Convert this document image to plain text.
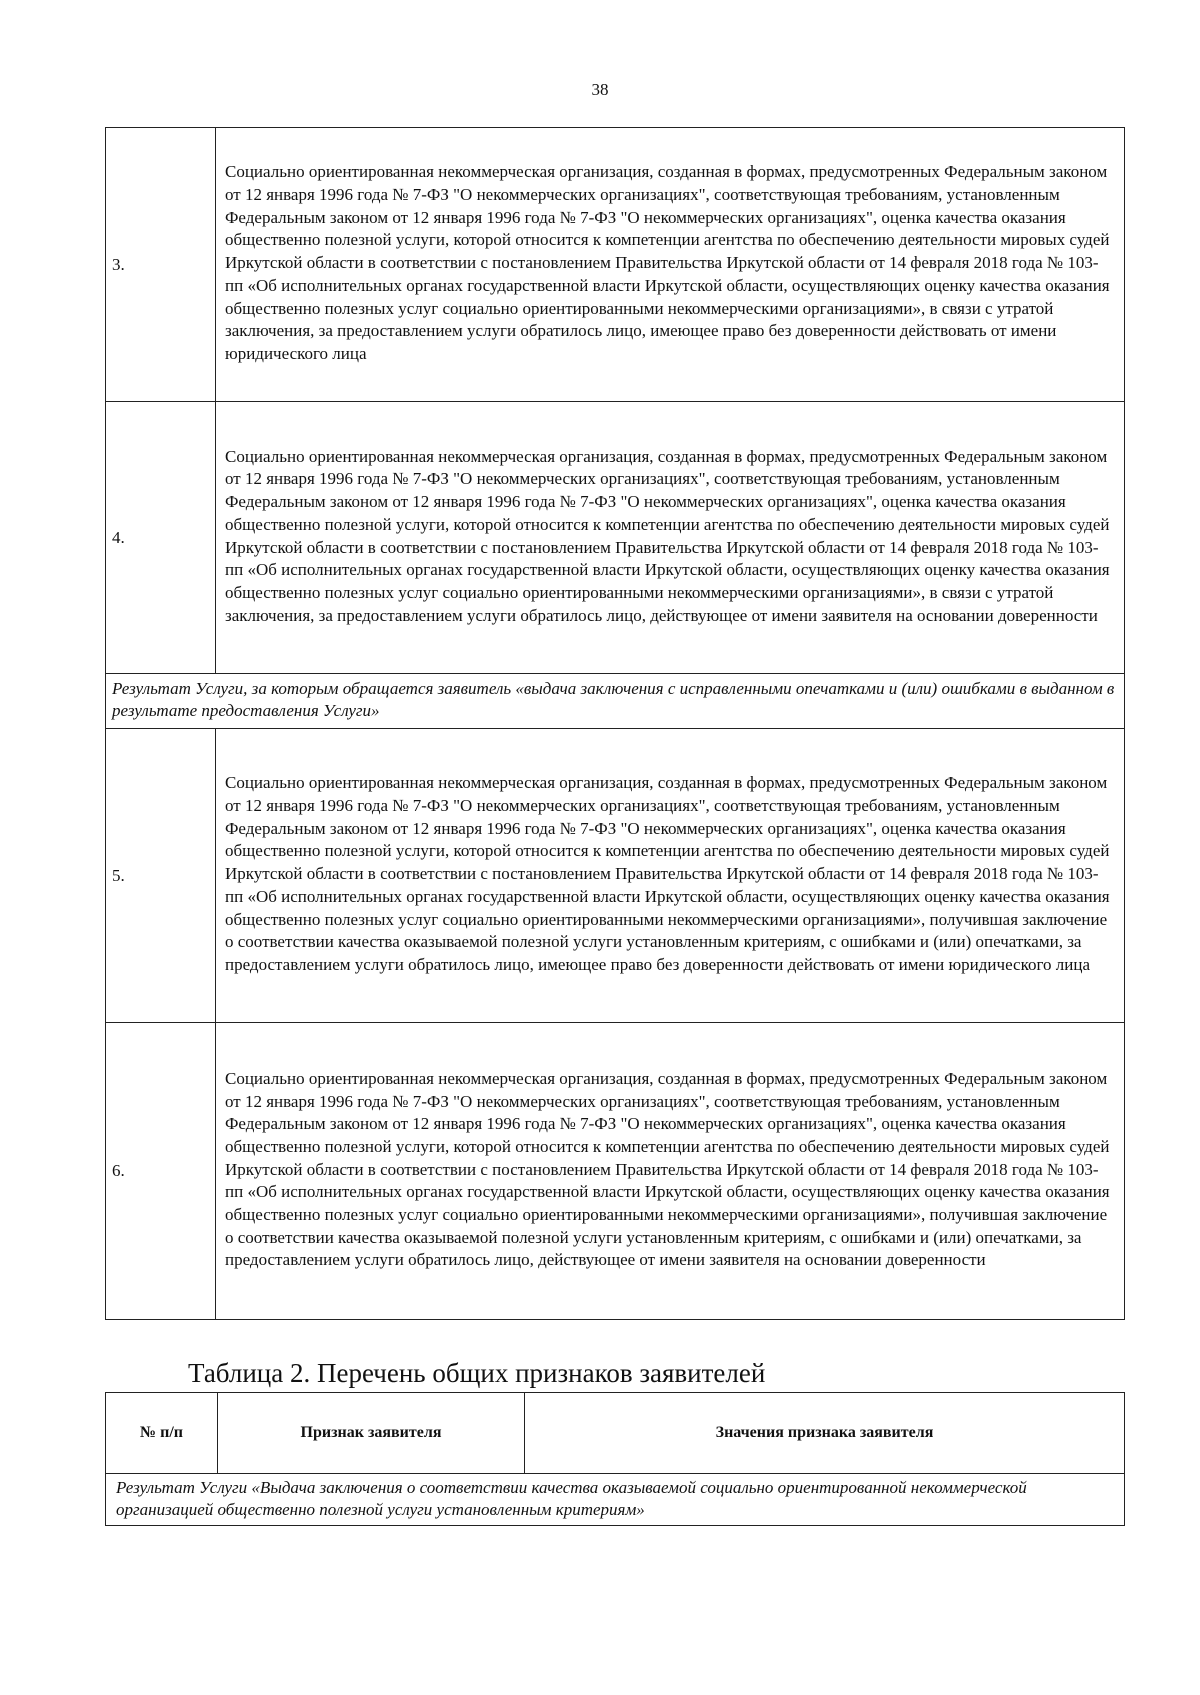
38
3.	Социально ориентированная некоммерческая организация, созданная в формах, предусмотренных Федеральным законом от 12 января 1996 года № 7-ФЗ "О некоммерческих организациях", соответствующая требованиям, установленным Федеральным законом от 12 января 1996 года № 7-ФЗ "О некоммерческих организациях", оценка качества оказания общественно полезной услуги, которой относится к компетенции агентства по обеспечению деятельности мировых судей Иркутской области в соответствии с постановлением Правительства Иркутской области от 14 февраля 2018 года № 103-пп «Об исполнительных органах государственной власти Иркутской области, осуществляющих оценку качества оказания общественно полезных услуг социально ориентированными некоммерческими организациями», в связи с утратой заключения, за предоставлением услуги обратилось лицо, имеющее право без доверенности действовать от имени юридического лица
4.	Социально ориентированная некоммерческая организация, созданная в формах, предусмотренных Федеральным законом от 12 января 1996 года № 7-ФЗ "О некоммерческих организациях", соответствующая требованиям, установленным Федеральным законом от 12 января 1996 года № 7-ФЗ "О некоммерческих организациях", оценка качества оказания общественно полезной услуги, которой относится к компетенции агентства по обеспечению деятельности мировых судей Иркутской области в соответствии с постановлением Правительства Иркутской области от 14 февраля 2018 года № 103-пп «Об исполнительных органах государственной власти Иркутской области, осуществляющих оценку качества оказания общественно полезных услуг социально ориентированными некоммерческими организациями», в связи с утратой заключения, за предоставлением услуги обратилось лицо, действующее от имени заявителя на основании доверенности
Результат Услуги, за которым обращается заявитель «выдача заключения с исправленными опечатками и (или) ошибками в выданном в результате предоставления Услуги»	
5.	Социально ориентированная некоммерческая организация, созданная в формах, предусмотренных Федеральным законом от 12 января 1996 года № 7-ФЗ "О некоммерческих организациях", соответствующая требованиям, установленным Федеральным законом от 12 января 1996 года № 7-ФЗ "О некоммерческих организациях", оценка качества оказания общественно полезной услуги, которой относится к компетенции агентства по обеспечению деятельности мировых судей Иркутской области в соответствии с постановлением Правительства Иркутской области от 14 февраля 2018 года № 103-пп «Об исполнительных органах государственной власти Иркутской области, осуществляющих оценку качества оказания общественно полезных услуг социально ориентированными некоммерческими организациями», получившая заключение о соответствии качества оказываемой полезной услуги установленным критериям, с ошибками и (или) опечатками, за предоставлением услуги обратилось лицо, имеющее право без доверенности действовать от имени юридического лица
6.	Социально ориентированная некоммерческая организация, созданная в формах, предусмотренных Федеральным законом от 12 января 1996 года № 7-ФЗ "О некоммерческих организациях", соответствующая требованиям, установленным Федеральным законом от 12 января 1996 года № 7-ФЗ "О некоммерческих организациях", оценка качества оказания общественно полезной услуги, которой относится к компетенции агентства по обеспечению деятельности мировых судей Иркутской области в соответствии с постановлением Правительства Иркутской области от 14 февраля 2018 года № 103-пп «Об исполнительных органах государственной власти Иркутской области, осуществляющих оценку качества оказания общественно полезных услуг социально ориентированными некоммерческими организациями», получившая заключение о соответствии качества оказываемой полезной услуги установленным критериям, с ошибками и (или) опечатками, за предоставлением услуги обратилось лицо, действующее от имени заявителя на основании доверенности
Таблица 2. Перечень общих признаков заявителей
№ п/п	Признак заявителя	Значения признака заявителя
Результат Услуги «Выдача заключения о соответствии качества оказываемой социально ориентированной некоммерческой организацией общественно полезной услуги установленным критериям»
